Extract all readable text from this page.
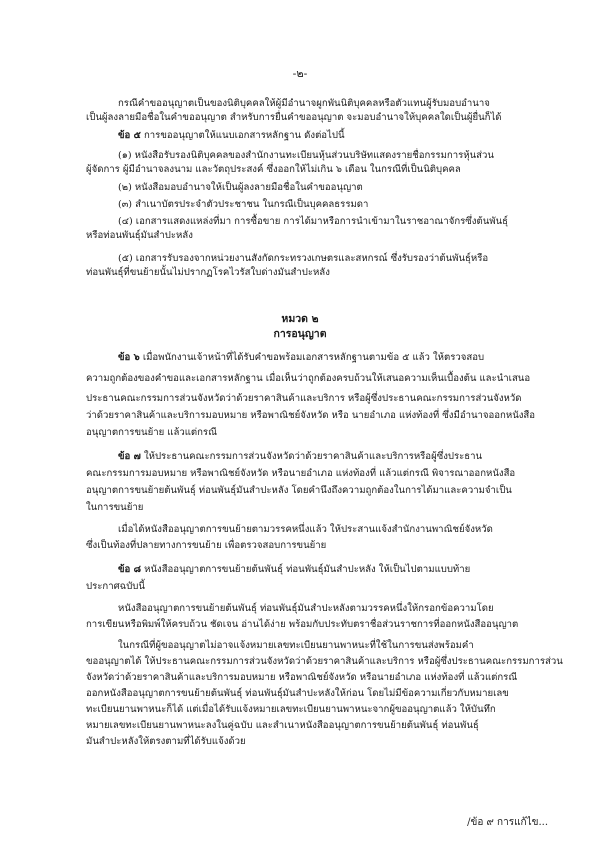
-๒-
กรณีคำขออนุญาตเป็นของนิติบุคคลให้ผู้มีอำนาจผูกพันนิติบุคคลหรือตัวแทนผู้รับมอบอำนาจ
เป็นผู้ลงลายมือชื่อในคำขออนุญาต สำหรับการยื่นคำขออนุญาต จะมอบอำนาจให้บุคคลใดเป็นผู้ยื่นก็ได้
ข้อ ๕ การขออนุญาตให้แนบเอกสารหลักฐาน ดังต่อไปนี้
(๑) หนังสือรับรองนิติบุคคลของสำนักงานทะเบียนหุ้นส่วนบริษัทแสดงรายชื่อกรรมการหุ้นส่วน
ผู้จัดการ ผู้มีอำนาจลงนาม และวัตถุประสงค์ ซึ่งออกให้ไม่เกิน ๖ เดือน ในกรณีที่เป็นนิติบุคคล
(๒) หนังสือมอบอำนาจให้เป็นผู้ลงลายมือชื่อในคำขออนุญาต
(๓) สำเนาบัตรประจำตัวประชาชน ในกรณีเป็นบุคคลธรรมดา
(๔) เอกสารแสดงแหล่งที่มา การซื้อขาย การได้มาหรือการนำเข้ามาในราชอาณาจักรซึ่งต้นพันธุ์
หรือท่อนพันธุ์มันสำปะหลัง
(๕) เอกสารรับรองจากหน่วยงานสังกัดกระทรวงเกษตรและสหกรณ์ ซึ่งรับรองว่าต้นพันธุ์หรือ
ท่อนพันธุ์ที่ขนย้ายนั้นไม่ปรากฏโรคไวรัสใบด่างมันสำปะหลัง
หมวด ๒
การอนุญาต
ข้อ ๖ เมื่อพนักงานเจ้าหน้าที่ได้รับคำขอพร้อมเอกสารหลักฐานตามข้อ ๕ แล้ว ให้ตรวจสอบ
ความถูกต้องของคำขอและเอกสารหลักฐาน เมื่อเห็นว่าถูกต้องครบถ้วนให้เสนอความเห็นเบื้องต้น และนำเสนอ
ประธานคณะกรรมการส่วนจังหวัดว่าด้วยราคาสินค้าและบริการ หรือผู้ซึ่งประธานคณะกรรมการส่วนจังหวัด
ว่าด้วยราคาสินค้าและบริการมอบหมาย หรือพาณิชย์จังหวัด หรือ นายอำเภอ แห่งท้องที่ ซึ่งมีอำนาจออกหนังสือ
อนุญาตการขนย้าย แล้วแต่กรณี
ข้อ ๗ ให้ประธานคณะกรรมการส่วนจังหวัดว่าด้วยราคาสินค้าและบริการหรือผู้ซึ่งประธาน
คณะกรรมการมอบหมาย หรือพาณิชย์จังหวัด หรือนายอำเภอ แห่งท้องที่ แล้วแต่กรณี พิจารณาออกหนังสือ
อนุญาตการขนย้ายต้นพันธุ์ ท่อนพันธุ์มันสำปะหลัง โดยคำนึงถึงความถูกต้องในการได้มาและความจำเป็น
ในการขนย้าย
เมื่อได้หนังสืออนุญาตการขนย้ายตามวรรคหนึ่งแล้ว ให้ประสานแจ้งสำนักงานพาณิชย์จังหวัด
ซึ่งเป็นท้องที่ปลายทางการขนย้าย เพื่อตรวจสอบการขนย้าย
ข้อ ๘ หนังสืออนุญาตการขนย้ายต้นพันธุ์ ท่อนพันธุ์มันสำปะหลัง ให้เป็นไปตามแบบท้าย
ประกาศฉบับนี้
หนังสืออนุญาตการขนย้ายต้นพันธุ์ ท่อนพันธุ์มันสำปะหลังตามวรรคหนึ่งให้กรอกข้อความโดย
การเขียนหรือพิมพ์ให้ครบถ้วน ชัดเจน อ่านได้ง่าย พร้อมกับประทับตราชื่อส่วนราชการที่ออกหนังสืออนุญาต
ในกรณีที่ผู้ขออนุญาตไม่อาจแจ้งหมายเลขทะเบียนยานพาหนะที่ใช้ในการขนส่งพร้อมคำ
ขออนุญาตได้ ให้ประธานคณะกรรมการส่วนจังหวัดว่าด้วยราคาสินค้าและบริการ หรือผู้ซึ่งประธานคณะกรรมการส่วน
จังหวัดว่าด้วยราคาสินค้าและบริการมอบหมาย หรือพาณิชย์จังหวัด หรือนายอำเภอ แห่งท้องที่ แล้วแต่กรณี
ออกหนังสืออนุญาตการขนย้ายต้นพันธุ์ ท่อนพันธุ์มันสำปะหลังให้ก่อน โดยไม่มีข้อความเกี่ยวกับหมายเลข
ทะเบียนยานพาหนะก็ได้ แต่เมื่อได้รับแจ้งหมายเลขทะเบียนยานพาหนะจากผู้ขออนุญาตแล้ว ให้บันทึก
หมายเลขทะเบียนยานพาหนะลงในคู่ฉบับ และสำเนาหนังสืออนุญาตการขนย้ายต้นพันธุ์ ท่อนพันธุ์
มันสำปะหลังให้ตรงตามที่ได้รับแจ้งด้วย
/ข้อ ๙ การแก้ไข...
